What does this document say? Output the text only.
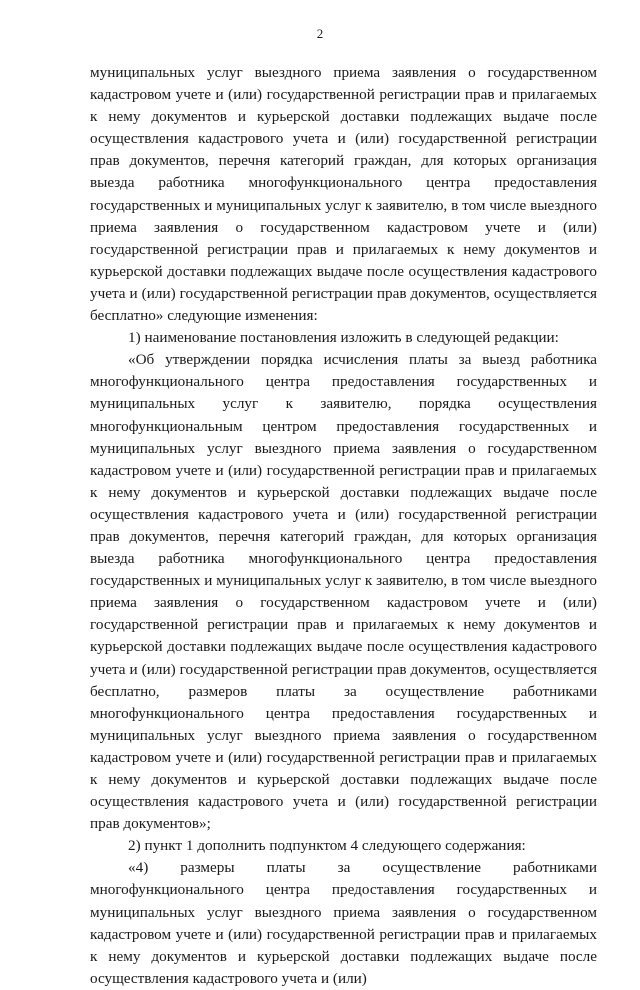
2

муниципальных услуг выездного приема заявления о государственном кадастровом учете и (или) государственной регистрации прав и прилагаемых к нему документов и курьерской доставки подлежащих выдаче после осуществления кадастрового учета и (или) государственной регистрации прав документов, перечня категорий граждан, для которых организация выезда работника многофункционального центра предоставления государственных и муниципальных услуг к заявителю, в том числе выездного приема заявления о государственном кадастровом учете и (или) государственной регистрации прав и прилагаемых к нему документов и курьерской доставки подлежащих выдаче после осуществления кадастрового учета и (или) государственной регистрации прав документов, осуществляется бесплатно» следующие изменения:

1) наименование постановления изложить в следующей редакции:

«Об утверждении порядка исчисления платы за выезд работника многофункционального центра предоставления государственных и муниципальных услуг к заявителю, порядка осуществления многофункциональным центром предоставления государственных и муниципальных услуг выездного приема заявления о государственном кадастровом учете и (или) государственной регистрации прав и прилагаемых к нему документов и курьерской доставки подлежащих выдаче после осуществления кадастрового учета и (или) государственной регистрации прав документов, перечня категорий граждан, для которых организация выезда работника многофункционального центра предоставления государственных и муниципальных услуг к заявителю, в том числе выездного приема заявления о государственном кадастровом учете и (или) государственной регистрации прав и прилагаемых к нему документов и курьерской доставки подлежащих выдаче после осуществления кадастрового учета и (или) государственной регистрации прав документов, осуществляется бесплатно, размеров платы за осуществление работниками многофункционального центра предоставления государственных и муниципальных услуг выездного приема заявления о государственном кадастровом учете и (или) государственной регистрации прав и прилагаемых к нему документов и курьерской доставки подлежащих выдаче после осуществления кадастрового учета и (или) государственной регистрации прав документов»;

2) пункт 1 дополнить подпунктом 4 следующего содержания:

«4) размеры платы за осуществление работниками многофункционального центра предоставления государственных и муниципальных услуг выездного приема заявления о государственном кадастровом учете и (или) государственной регистрации прав и прилагаемых к нему документов и курьерской доставки подлежащих выдаче после осуществления кадастрового учета и (или)
